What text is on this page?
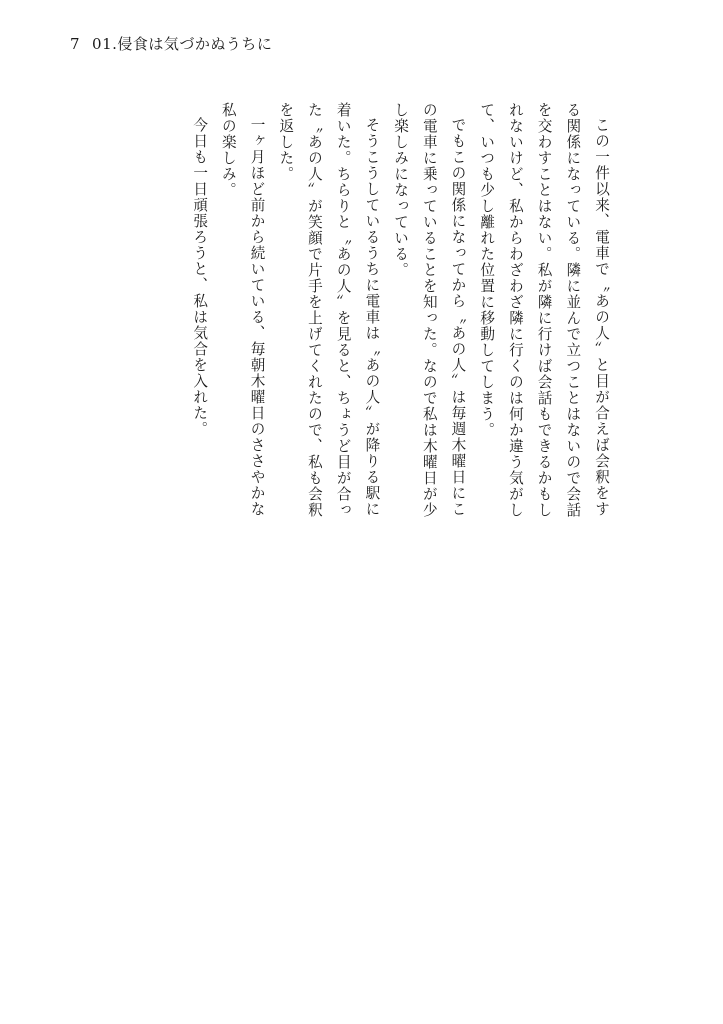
7 01.侵食は気づかぬうちに

この一件以来、電車で〝あの人〟と目が合えば会釈をする関係になっている。隣に並んで立つことはないので会話を交わすことはない。私が隣に行けば会話もできるかもしれないけど、私からわざわざ隣に行くのは何か違う気がして、いつも少し離れた位置に移動してしまう。

でもこの関係になってから〝あの人〟は毎週木曜日にこの電車に乗っていることを知った。なので私は木曜日が少し楽しみになっている。

そうこうしているうちに電車は〝あの人〟が降りる駅に着いた。ちらりと〝あの人〟を見ると、ちょうど目が合った〝あの人〟が笑顔で片手を上げてくれたので、私も会釈を返した。

一ヶ月ほど前から続いている、毎朝木曜日のささやかな私の楽しみ。

今日も一日頑張ろうと、私は気合を入れた。
